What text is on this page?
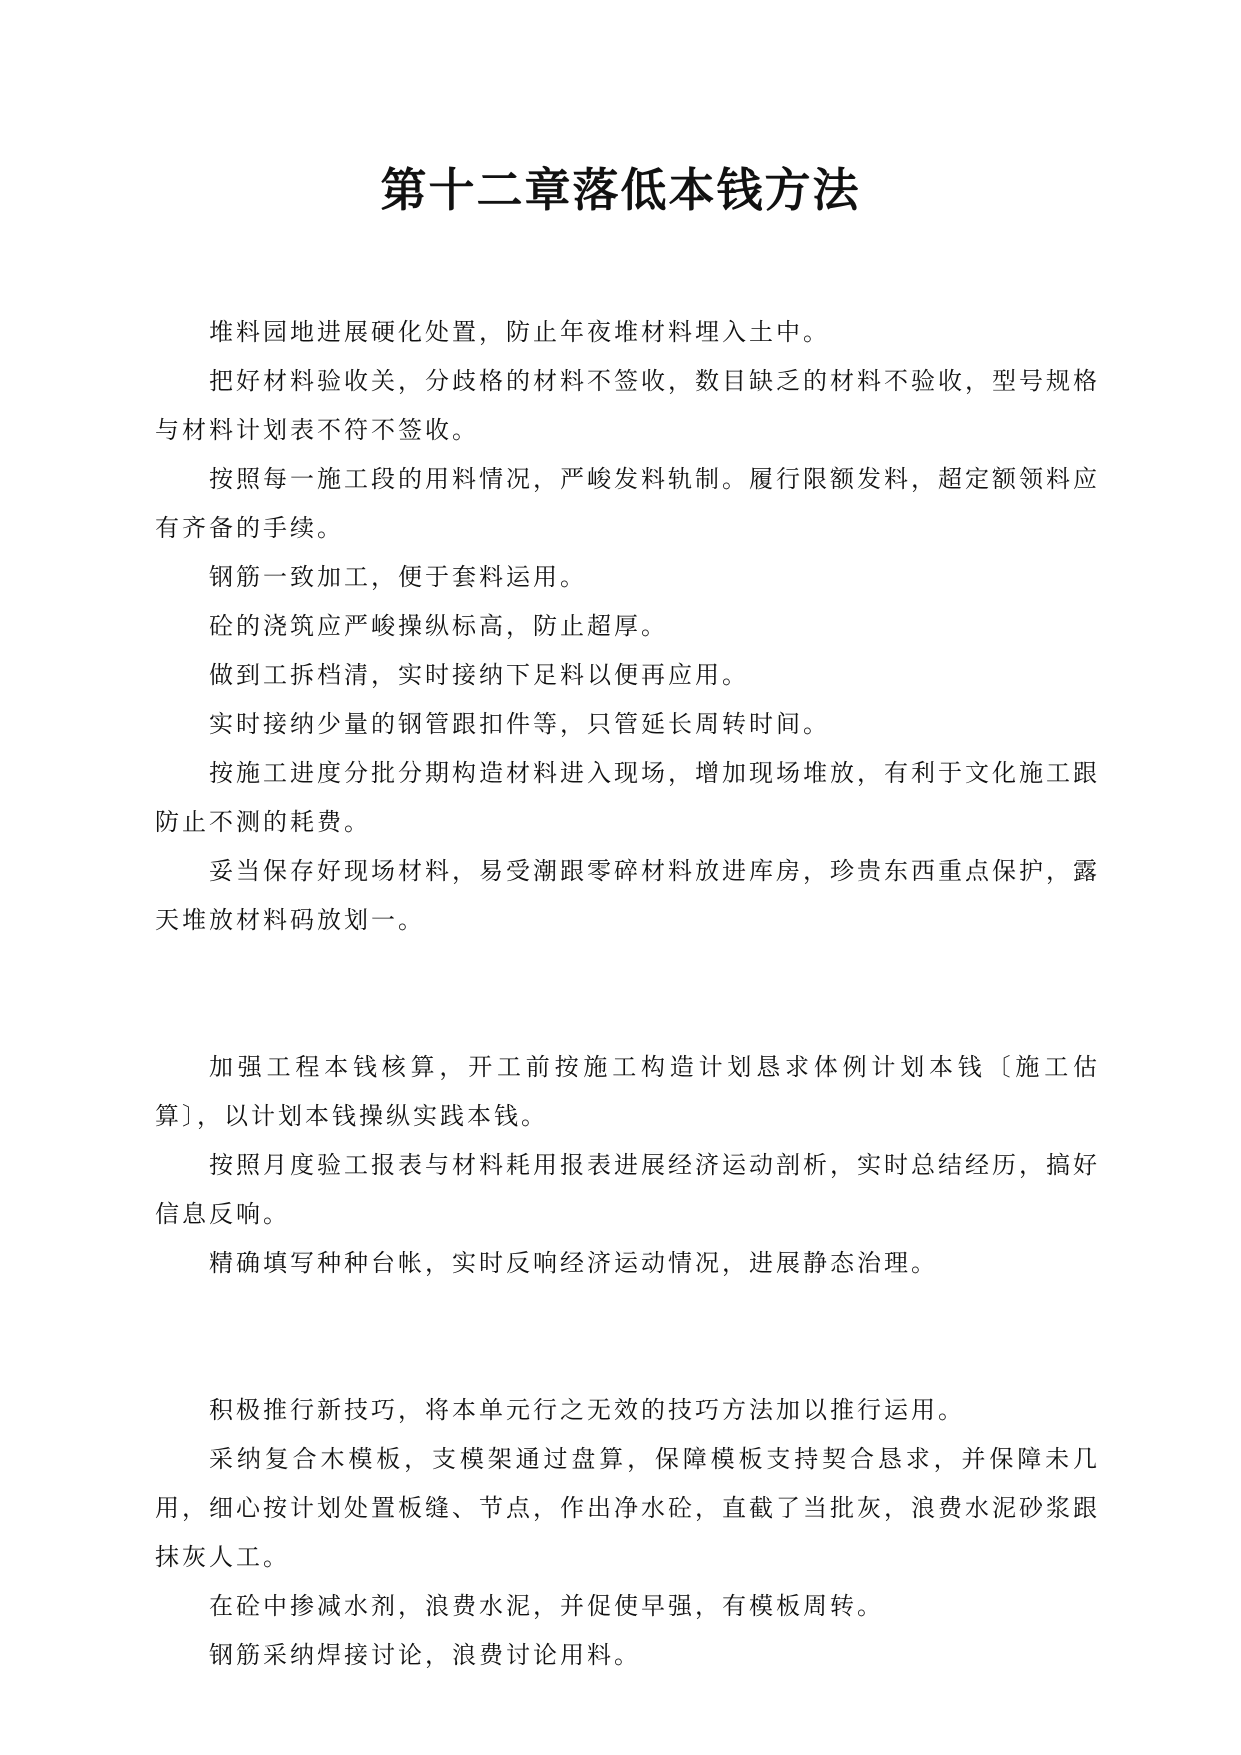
第十二章落低本钱方法

堆料园地进展硬化处置，防止年夜堆材料埋入土中。

把好材料验收关，分歧格的材料不签收，数目缺乏的材料不验收，型号规格与材料计划表不符不签收。

按照每一施工段的用料情况，严峻发料轨制。履行限额发料，超定额领料应有齐备的手续。

钢筋一致加工，便于套料运用。

砼的浇筑应严峻操纵标高，防止超厚。

做到工拆档清，实时接纳下足料以便再应用。

实时接纳少量的钢管跟扣件等，只管延长周转时间。

按施工进度分批分期构造材料进入现场，增加现场堆放，有利于文化施工跟防止不测的耗费。

妥当保存好现场材料，易受潮跟零碎材料放进库房，珍贵东西重点保护，露天堆放材料码放划一。

加强工程本钱核算，开工前按施工构造计划恳求体例计划本钱〔施工估算〕，以计划本钱操纵实践本钱。

按照月度验工报表与材料耗用报表进展经济运动剖析，实时总结经历，搞好信息反响。

精确填写种种台帐，实时反响经济运动情况，进展静态治理。

积极推行新技巧，将本单元行之无效的技巧方法加以推行运用。

采纳复合木模板，支模架通过盘算，保障模板支持契合恳求，并保障未几用，细心按计划处置板缝、节点，作出净水砼，直截了当批灰，浪费水泥砂浆跟抹灰人工。

在砼中掺减水剂，浪费水泥，并促使早强，有模板周转。

钢筋采纳焊接讨论，浪费讨论用料。
